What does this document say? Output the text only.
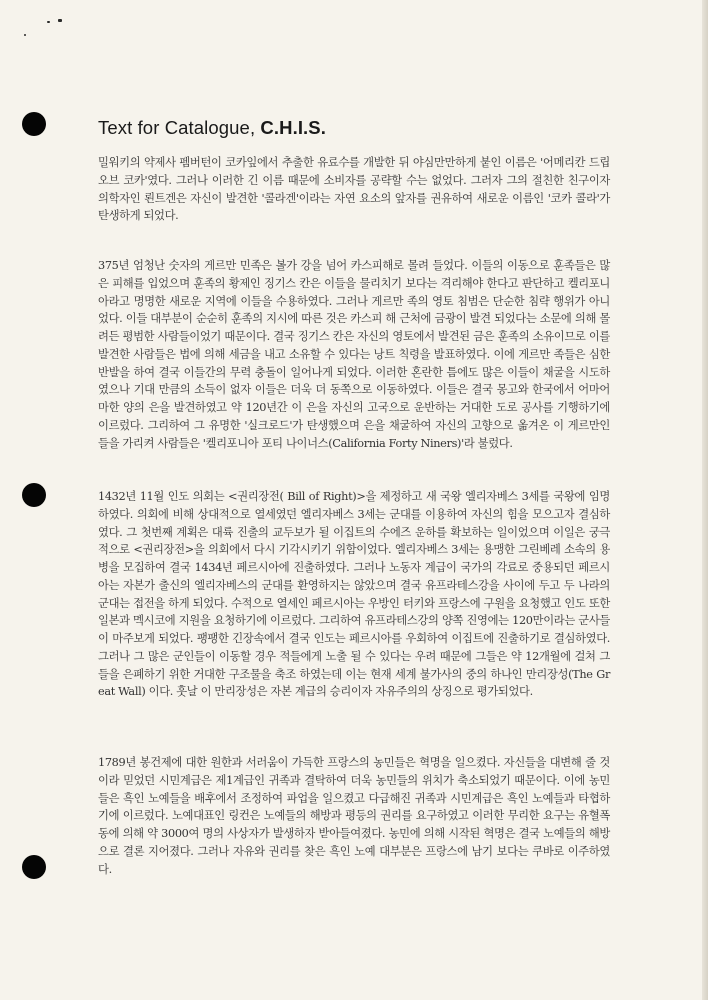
Text for Catalogue, C.H.I.S.

밀워키의 약제사 펨버턴이 코카잎에서 추출한 유료수를 개발한 뒤 야심만만하게 붙인 이름은 '어메리칸 드립 오브 코카'였다. 그러나 이러한 긴 이름 때문에 소비자를 공략할 수는 없었다. 그러자 그의 절친한 친구이자 의학자인 뢴트겐은 자신이 발견한 '콜라겐'이라는 자연 요소의 앞자를 권유하여 새로운 이름인 '코카 콜라'가 탄생하게 되었다.

375년 엄청난 숫자의 게르만 민족은 볼가 강을 넘어 카스피해로 몰려 들었다. 이들의 이동으로 훈족들은 많은 피해를 입었으며 훈족의 황제인 징기스 칸은 이들을 물리치기 보다는 격리해야 한다고 판단하고 켈리포니아라고 명명한 새로운 지역에 이들을 수용하였다. 그러나 게르만 족의 영토 침범은 단순한 침략 행위가 아니었다. 이들 대부분이 순순히 훈족의 지시에 따른 것은 카스피 해 근처에 금광이 발견 되었다는 소문에 의해 몰려든 평범한 사람들이었기 때문이다. 결국 징기스 칸은 자신의 영토에서 발견된 금은 훈족의 소유이므로 이를 발견한 사람들은 법에 의해 세금을 내고 소유할 수 있다는 낭트 칙령을 발표하였다. 이에 게르만 족들은 심한 반발을 하여 결국 이들간의 무력 충돌이 일어나게 되었다. 이러한 혼란한 틈에도 많은 이들이 채굴을 시도하였으나 기대 만큼의 소득이 없자 이들은 더욱 더 동쪽으로 이동하였다. 이들은 결국 몽고와 한국에서 어마어마한 양의 은을 발견하였고 약 120년간 이 은을 자신의 고국으로 운반하는 거대한 도로 공사를 기행하기에 이르렀다. 그리하여 그 유명한 '실크로드'가 탄생했으며 은을 채굴하여 자신의 고향으로 옮겨온 이 게르만인들을 가리켜 사람들은 '켈리포니아 포티 나이너스(California Forty Niners)'라 불렀다.

1432년 11월 인도 의회는 <권리장전( Bill of Right)>을 제정하고 새 국왕 엘리자베스 3세를 국왕에 임명하였다. 의회에 비해 상대적으로 열세였던 엘리자베스 3세는 군대를 이용하여 자신의 힘을 모으고자 결심하였다. 그 첫번째 계획은 대륙 진출의 교두보가 될 이집트의 수에즈 운하를 확보하는 일이었으며 이일은 궁극적으로 <권리장전>을 의회에서 다시 기각시키기 위함이었다. 엘리자베스 3세는 용맹한 그린베레 소속의 용병을 모집하여 결국 1434년 페르시아에 진출하였다. 그러나 노동자 계급이 국가의 각료로 중용되던 페르시아는 자본가 출신의 엘리자베스의 군대를 환영하지는 않았으며 결국 유프라테스강을 사이에 두고 두 나라의 군대는 접전을 하게 되었다. 수적으로 열세인 페르시아는 우방인 터키와 프랑스에 구원을 요청했고 인도 또한 일본과 멕시코에 지원을 요청하기에 이르렀다. 그리하여 유프라테스강의 양쪽 진영에는 120만이라는 군사들이 마주보게 되었다. 팽팽한 긴장속에서 결국 인도는 페르시아를 우회하여 이집트에 진출하기로 결심하였다. 그러나 그 많은 군인들이 이동할 경우 적들에게 노출 될 수 있다는 우려 때문에 그들은 약 12개월에 걸쳐 그들을 은폐하기 위한 거대한 구조물을 축조 하였는데 이는 현재 세계 불가사의 중의 하나인 만리장성(The Great Wall) 이다. 훗날 이 만리장성은 자본 계급의 승리이자 자유주의의 상징으로 평가되었다.

1789년 봉건제에 대한 원한과 서러움이 가득한 프랑스의 농민들은 혁명을 일으켰다. 자신들을 대변해 줄 것이라 믿었던 시민계급은 제1계급인 귀족과 결탁하여 더욱 농민들의 위치가 축소되었기 때문이다. 이에 농민들은 흑인 노예들을 배후에서 조정하여 파업을 일으켰고 다급해진 귀족과 시민계급은 흑인 노예들과 타협하기에 이르렀다. 노예대표인 링컨은 노예들의 해방과 평등의 권리를 요구하였고 이러한 무리한 요구는 유혈폭동에 의해 약 3000여 명의 사상자가 발생하자 받아들여졌다. 농민에 의해 시작된 혁명은 결국 노예들의 해방으로 결론 지어졌다. 그러나 자유와 권리를 찾은 흑인 노예 대부분은 프랑스에 남기 보다는 쿠바로 이주하였다.
